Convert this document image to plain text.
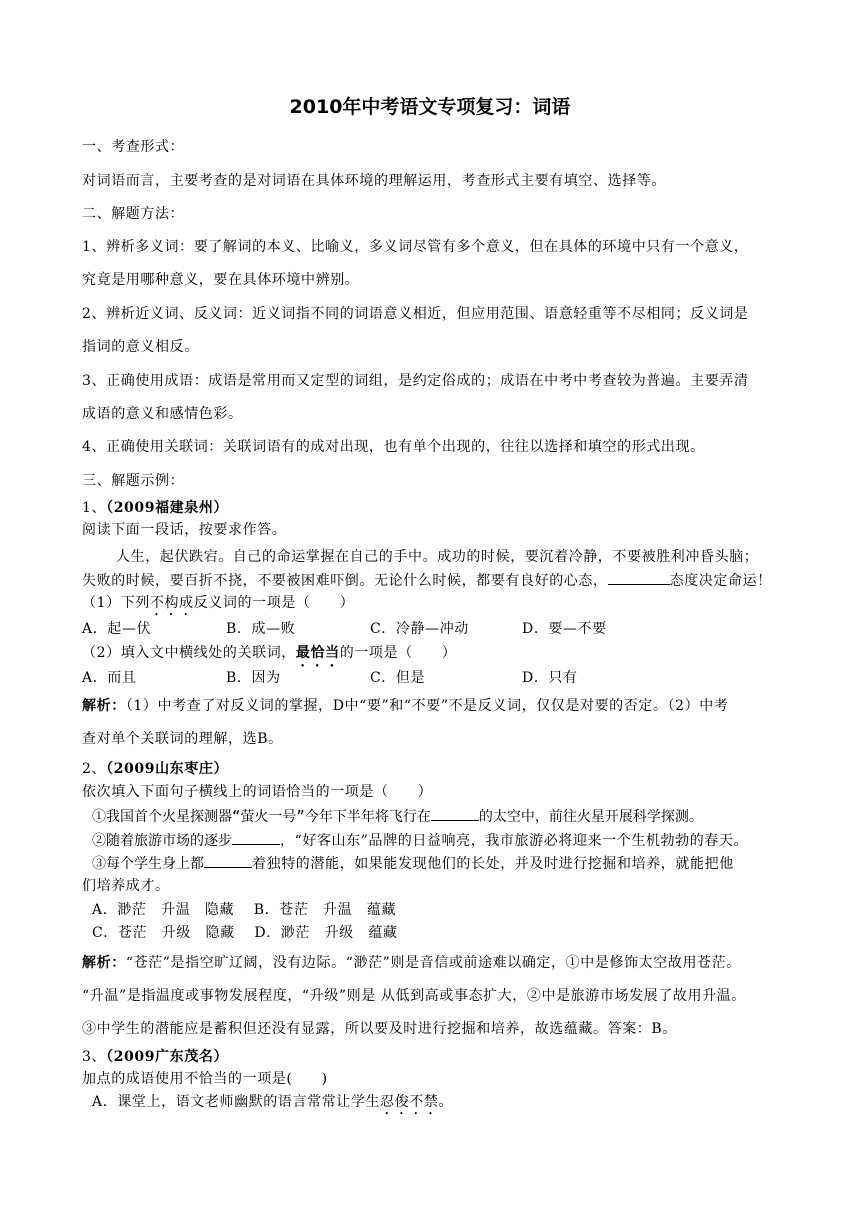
2010年中考语文专项复习：词语
一、考查形式：
对词语而言，主要考查的是对词语在具体环境的理解运用，考查形式主要有填空、选择等。
二、解题方法：
1、辨析多义词：要了解词的本义、比喻义，多义词尽管有多个意义，但在具体的环境中只有一个意义，
究竟是用哪种意义，要在具体环境中辨别。
2、辨析近义词、反义词：近义词指不同的词语意义相近，但应用范围、语意轻重等不尽相同；反义词是
指词的意义相反。
3、正确使用成语：成语是常用而又定型的词组，是约定俗成的；成语在中考中考查较为普遍。主要弄清
成语的意义和感情色彩。
4、正确使用关联词：关联词语有的成对出现，也有单个出现的，往往以选择和填空的形式出现。
三、解题示例：
1、（2009福建泉州）
阅读下面一段话，按要求作答。
人生，起伏跌宕。自己的命运掌握在自己的手中。成功的时候，要沉着冷静，不要被胜利冲昏头脑；
失败的时候，要百折不挠，不要被困难吓倒。无论什么时候，都要有良好的心态，	态度决定命运！
（1）下列不构成反义词的一项是（　　）
A．起—伏	B．成—败	C．冷静—冲动	D．要—不要
（2）填入文中横线处的关联词，最恰当的一项是（　　）
A．而且	B．因为	C．但是	D．只有
解析：（1）中考查了对反义词的掌握，D中“要”和“不要”不是反义词，仅仅是对要的否定。（2）中考
查对单个关联词的理解，选B。
2、（2009山东枣庄）
依次填入下面句子横线上的词语恰当的一项是（　　）
①我国首个火星探测器“萤火一号”今年下半年将飞行在	的太空中，前往火星开展科学探测。
②随着旅游市场的逐步	，“好客山东”品牌的日益响亮，我市旅游必将迎来一个生机勃勃的春天。
③每个学生身上都	着独特的潜能，如果能发现他们的长处，并及时进行挖掘和培养，就能把他
们培养成才。
A．渺茫　升温　隐藏　 B．苍茫　升温　蕴藏
C．苍茫　升级　隐藏　 D．渺茫　升级　蕴藏
解析：“苍茫”是指空旷辽阔，没有边际。“渺茫”则是音信或前途难以确定，①中是修饰太空故用苍茫。
“升温”是指温度或事物发展程度，“升级”则是 从低到高或事态扩大，②中是旅游市场发展了故用升温。
③中学生的潜能应是蓄积但还没有显露，所以要及时进行挖掘和培养，故选蕴藏。答案：B。
3、（2009广东茂名）
加点的成语使用不恰当的一项是(　　)
A．课堂上，语文老师幽默的语言常常让学生忍俊不禁。
